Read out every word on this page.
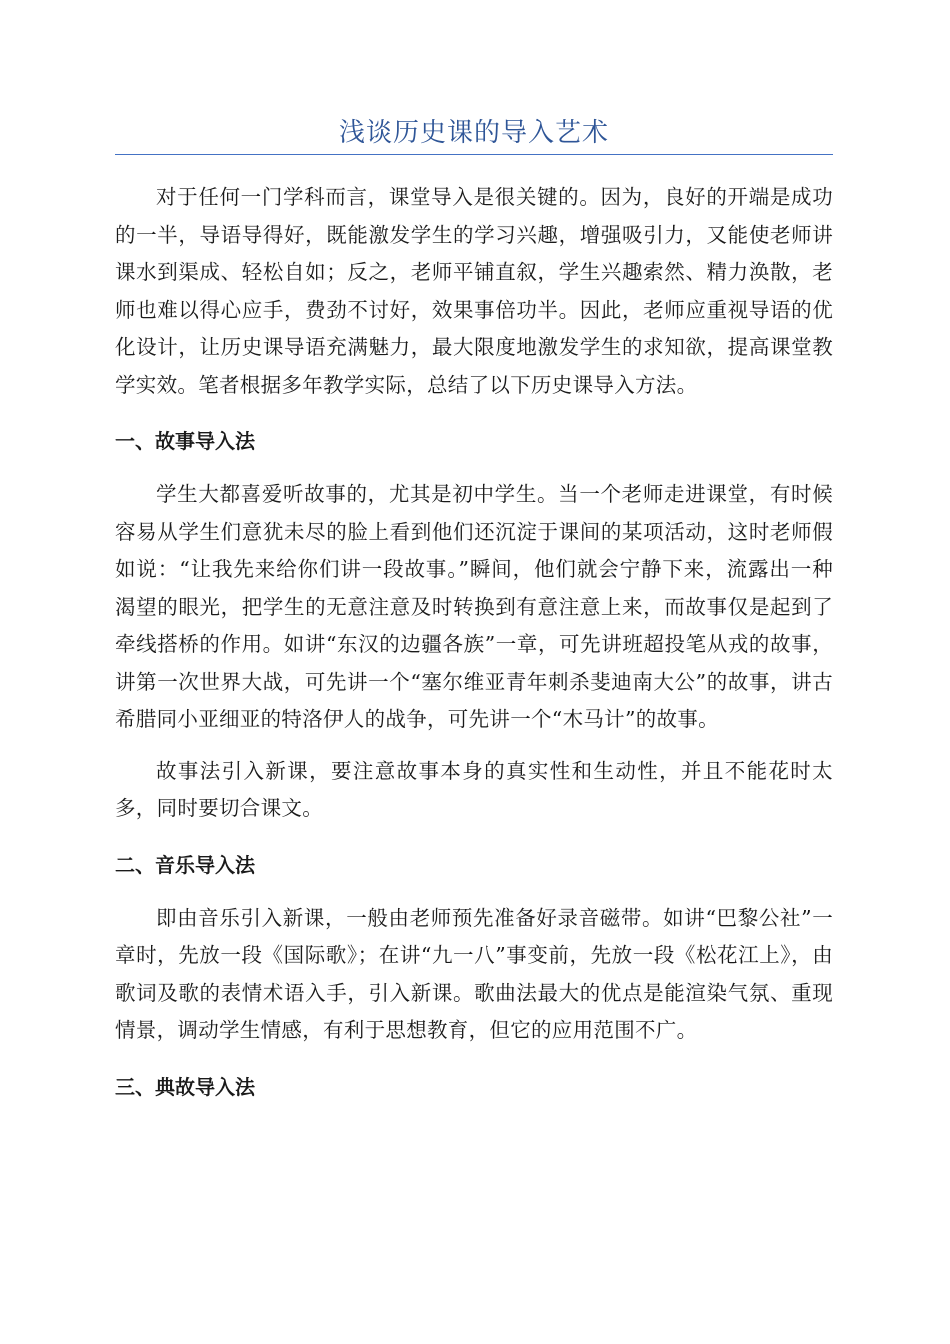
浅谈历史课的导入艺术

对于任何一门学科而言，课堂导入是很关键的。因为，良好的开端是成功的一半，导语导得好，既能激发学生的学习兴趣，增强吸引力，又能使老师讲课水到渠成、轻松自如；反之，老师平铺直叙，学生兴趣索然、精力涣散，老师也难以得心应手，费劲不讨好，效果事倍功半。因此，老师应重视导语的优化设计，让历史课导语充满魅力，最大限度地激发学生的求知欲，提高课堂教学实效。笔者根据多年教学实际，总结了以下历史课导入方法。

一、故事导入法

学生大都喜爱听故事的，尤其是初中学生。当一个老师走进课堂，有时候容易从学生们意犹未尽的脸上看到他们还沉淀于课间的某项活动，这时老师假如说：“让我先来给你们讲一段故事。”瞬间，他们就会宁静下来，流露出一种渴望的眼光，把学生的无意注意及时转换到有意注意上来，而故事仅是起到了牵线搭桥的作用。如讲“东汉的边疆各族”一章，可先讲班超投笔从戎的故事，讲第一次世界大战，可先讲一个“塞尔维亚青年刺杀斐迪南大公”的故事，讲古希腊同小亚细亚的特洛伊人的战争，可先讲一个“木马计”的故事。

故事法引入新课，要注意故事本身的真实性和生动性，并且不能花时太多，同时要切合课文。

二、音乐导入法

即由音乐引入新课，一般由老师预先准备好录音磁带。如讲“巴黎公社”一章时，先放一段《国际歌》；在讲“九一八”事变前，先放一段《松花江上》，由歌词及歌的表情术语入手，引入新课。歌曲法最大的优点是能渲染气氛、重现情景，调动学生情感，有利于思想教育，但它的应用范围不广。

三、典故导入法
